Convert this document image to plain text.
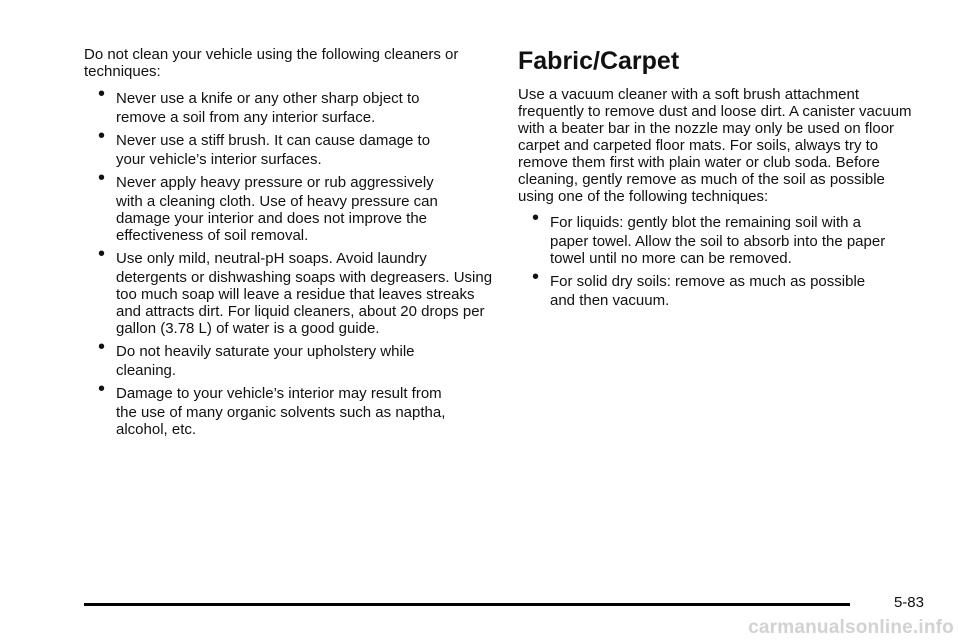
Do not clean your vehicle using the following cleaners or techniques:

• Never use a knife or any other sharp object to
remove a soil from any interior surface.
• Never use a stiff brush. It can cause damage to
your vehicle’s interior surfaces.
• Never apply heavy pressure or rub aggressively
with a cleaning cloth. Use of heavy pressure can damage your interior and does not improve the effectiveness of soil removal.
• Use only mild, neutral-pH soaps. Avoid laundry
detergents or dishwashing soaps with degreasers. Using too much soap will leave a residue that leaves streaks and attracts dirt. For liquid cleaners, about 20 drops per gallon (3.78 L) of water is a good guide.
• Do not heavily saturate your upholstery while
cleaning.
• Damage to your vehicle’s interior may result from
the use of many organic solvents such as naptha, alcohol, etc.
Fabric/Carpet

Use a vacuum cleaner with a soft brush attachment frequently to remove dust and loose dirt. A canister vacuum with a beater bar in the nozzle may only be used on floor carpet and carpeted floor mats. For soils, always try to remove them first with plain water or club soda. Before cleaning, gently remove as much of the soil as possible using one of the following techniques:

• For liquids: gently blot the remaining soil with a
paper towel. Allow the soil to absorb into the paper towel until no more can be removed.
• For solid dry soils: remove as much as possible
and then vacuum.
5-83
carmanualsonline.info
